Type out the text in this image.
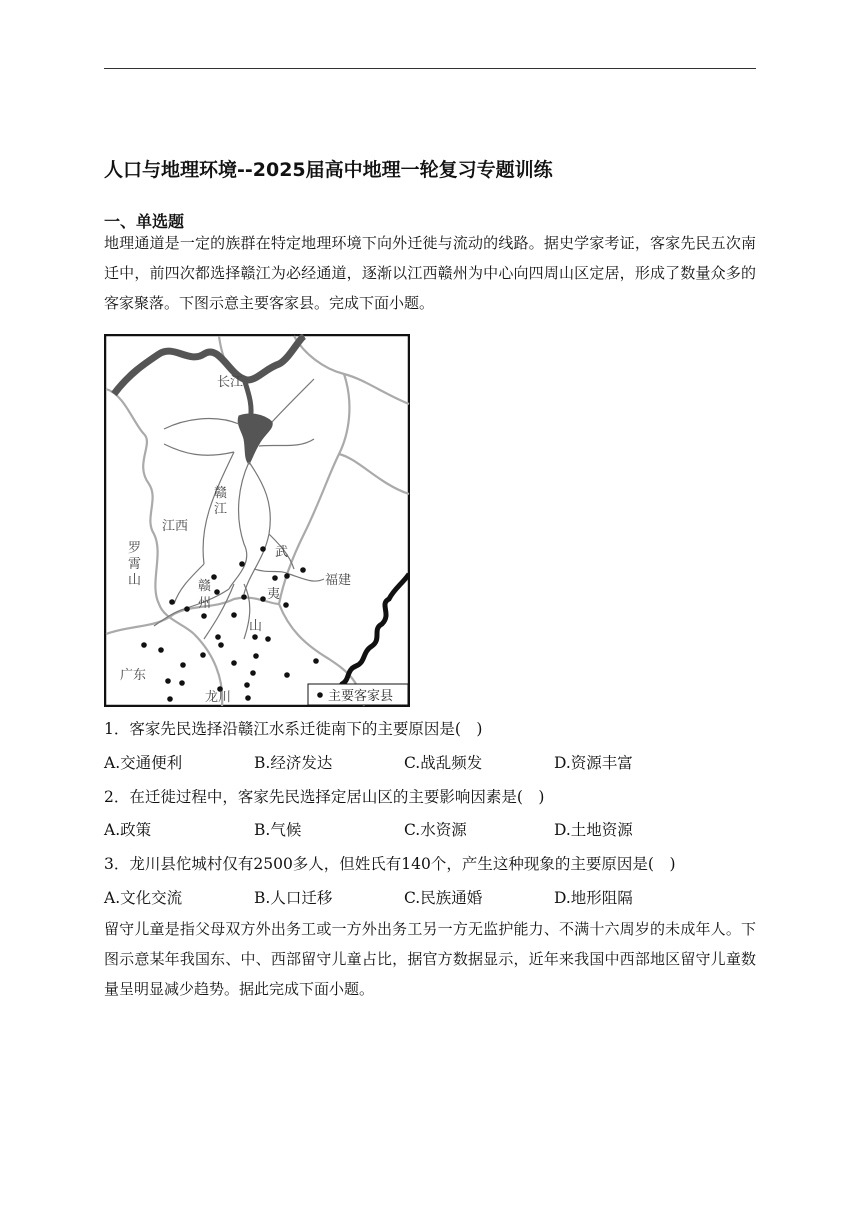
人口与地理环境--2025届高中地理一轮复习专题训练
一、单选题
地理通道是一定的族群在特定地理环境下向外迁徙与流动的线路。据史学家考证，客家先民五次南迁中，前四次都选择赣江为必经通道，逐渐以江西赣州为中心向四周山区定居，形成了数量众多的客家聚落。下图示意主要客家县。完成下面小题。
长江
赣
江
江西
罗
霄
山
武
夷
山
赣
州
福建
广东
龙川	主要客家县
1．客家先民选择沿赣江水系迁徙南下的主要原因是(　)
A.交通便利	B.经济发达	C.战乱频发	D.资源丰富
2．在迁徙过程中，客家先民选择定居山区的主要影响因素是(　)
A.政策	B.气候	C.水资源	D.土地资源
3．龙川县佗城村仅有2500多人，但姓氏有140个，产生这种现象的主要原因是(　)
A.文化交流	B.人口迁移	C.民族通婚	D.地形阻隔
留守儿童是指父母双方外出务工或一方外出务工另一方无监护能力、不满十六周岁的未成年人。下图示意某年我国东、中、西部留守儿童占比，据官方数据显示，近年来我国中西部地区留守儿童数量呈明显减少趋势。据此完成下面小题。
